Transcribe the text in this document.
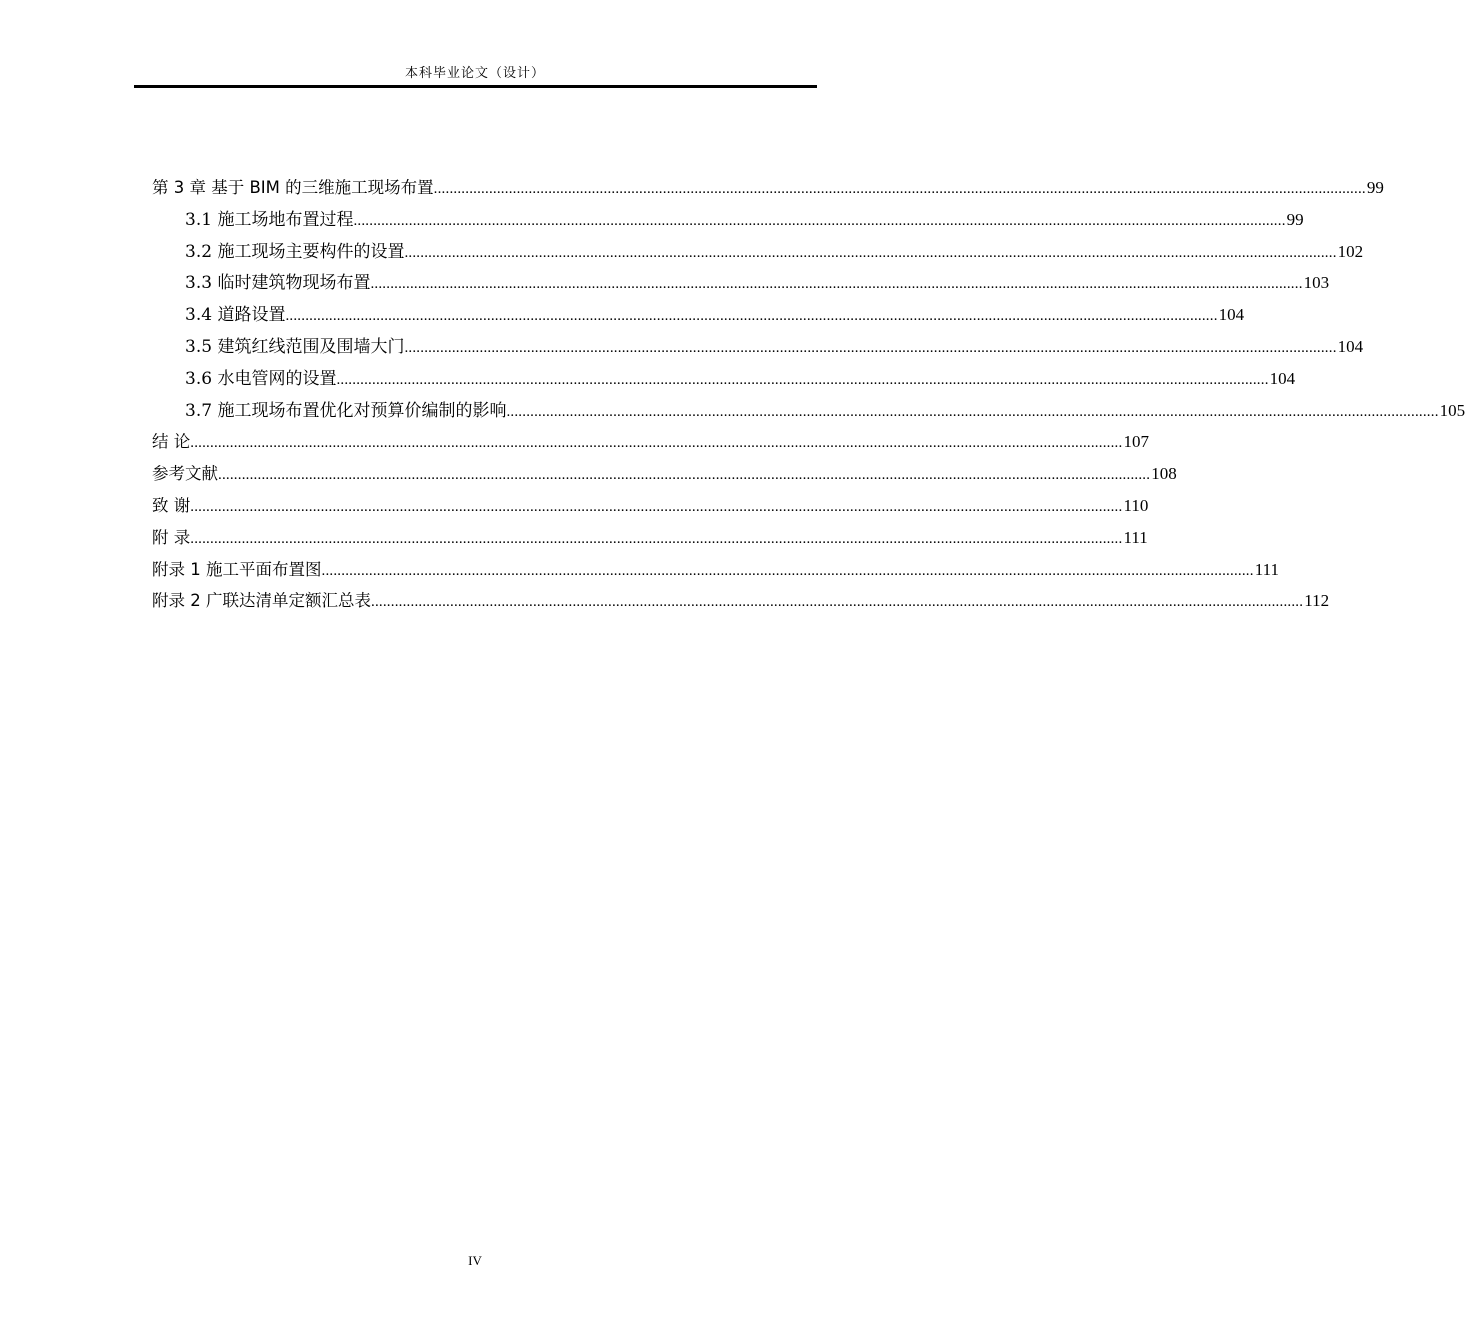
本科毕业论文（设计）
第 3 章 基于 BIM 的三维施工现场布置 ............................................................................................................................................................................................................................................ 99
3.1 施工场地布置过程 ............................................................................................................................................................................................................................................ 99
3.2 施工现场主要构件的设置 ............................................................................................................................................................................................................................................ 102
3.3 临时建筑物现场布置 ............................................................................................................................................................................................................................................ 103
3.4 道路设置 ............................................................................................................................................................................................................................................ 104
3.5 建筑红线范围及围墙大门 ............................................................................................................................................................................................................................................ 104
3.6 水电管网的设置 ............................................................................................................................................................................................................................................ 104
3.7 施工现场布置优化对预算价编制的影响 ............................................................................................................................................................................................................................................ 105
结 论 ............................................................................................................................................................................................................................................ 107
参考文献 ............................................................................................................................................................................................................................................ 108
致 谢 ............................................................................................................................................................................................................................................ 110
附 录 ............................................................................................................................................................................................................................................ 111
附录 1 施工平面布置图 ............................................................................................................................................................................................................................................ 111
附录 2 广联达清单定额汇总表 ............................................................................................................................................................................................................................................ 112
IV
